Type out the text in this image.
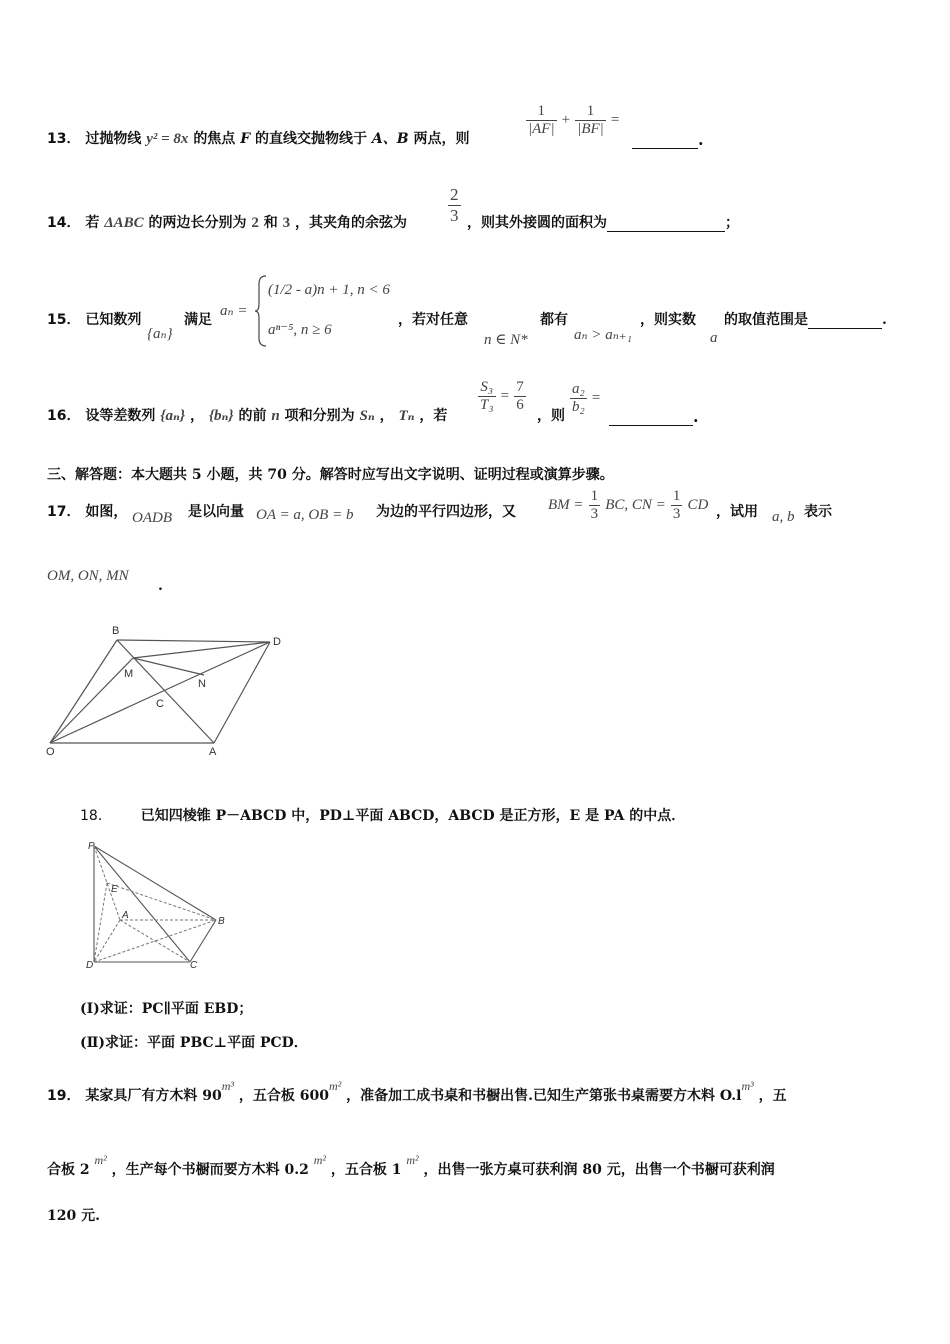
13． 过抛物线 y² = 8x 的焦点 F 的直线交抛物线于 A、B 两点，则
$\frac{1}{|AF|} + \frac{1}{|BF|}$ =
.
14． 若 ΔABC 的两边长分别为 2 和 3 ，其夹角的余弦为 $\frac{2}{3}$ ，则其外接圆的面积为	；
15． 已知数列
{aₙ}
满足
aₙ =
(1/2 - a)n + 1, n < 6
aⁿ⁻⁵, n ≥ 6
，若对任意
n ∈ N*
都有
aₙ > aₙ₊₁
，则实数
a
的取值范围是	.
16． 设等差数列 {aₙ} ， {bₙ} 的前 n 项和分别为 Sₙ ， Tₙ ，若
$\frac{\text{S₃}}{\text{T₃}} = \frac{7}{6}$
，则 $\frac{\text{a₂}}{\text{b₂}}$ =
.
三、解答题：本大题共 5 小题，共 70 分。解答时应写出文字说明、证明过程或演算步骤。
17． 如图， OADB 是以向量 OA = a, OB = b 为边的平行四边形，又 BM = $\frac{1}{3}$ BC, CN = $\frac{1}{3}$ CD ，试用 a, b 表示
OM, ON, MN
.
B
D
M
N
C
O	A
18． 已知四棱锥 P－ABCD 中，PD⊥平面 ABCD，ABCD 是正方形，E 是 PA 的中点．
P
E
A
B
D	C
(Ⅰ)求证：PC∥平面 EBD；
(Ⅱ)求证：平面 PBC⊥平面 PCD．
19． 某家具厂有方木料 90m³ ，五合板 600m² ，准备加工成书桌和书橱出售.已知生产第张书桌需要方木料 O.lm³ ，五
合板 2 m² ，生产每个书橱而要方木料 0.2 m² ，五合板 1 m² ，出售一张方桌可获利润 80 元，出售一个书橱可获利润
120 元.
